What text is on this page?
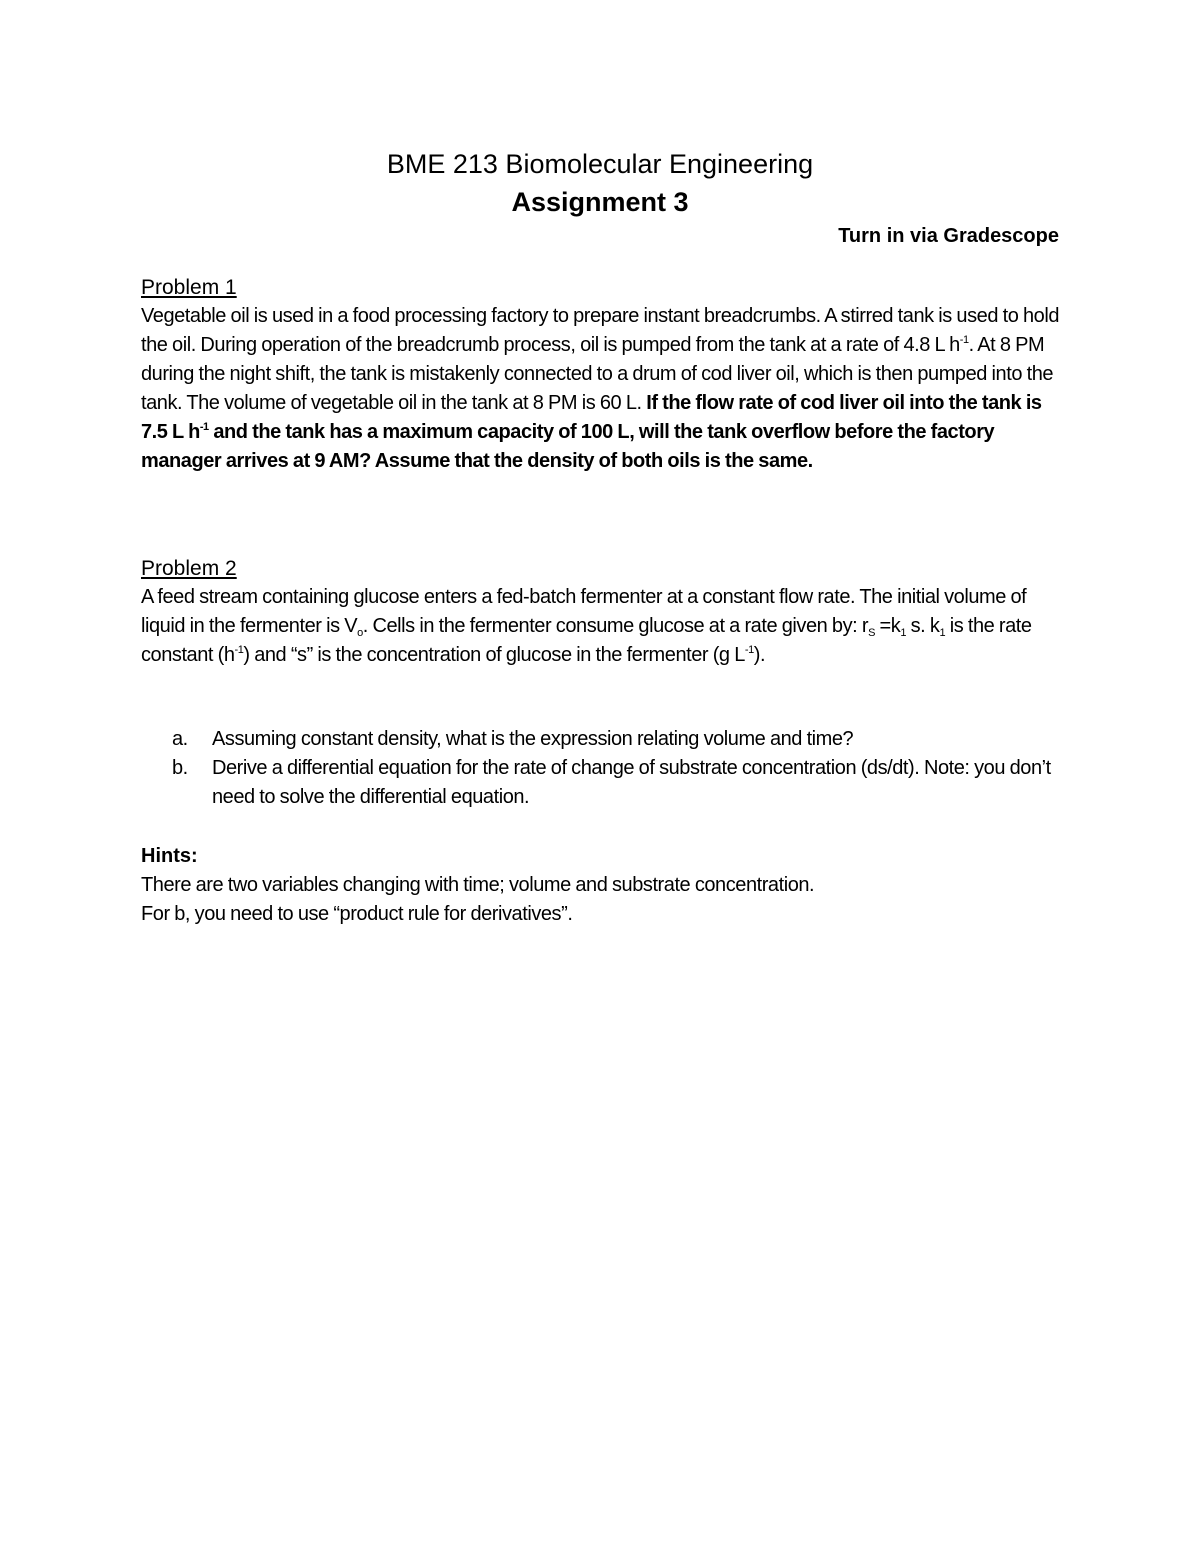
BME 213 Biomolecular Engineering

Assignment 3

Turn in via Gradescope

Problem 1

Vegetable oil is used in a food processing factory to prepare instant breadcrumbs. A stirred tank is used to hold the oil. During operation of the breadcrumb process, oil is pumped from the tank at a rate of 4.8 L $h^{-1}$. At 8 PM during the night shift, the tank is mistakenly connected to a drum of cod liver oil, which is then pumped into the tank. The volume of vegetable oil in the tank at 8 PM is 60 L. If the flow rate of cod liver oil into the tank is 7.5 L $h^{-1}$ and the tank has a maximum capacity of 100 L, will the tank overflow before the factory manager arrives at 9 AM? Assume that the density of both oils is the same.

Problem 2

A feed stream containing glucose enters a fed-batch fermenter at a constant flow rate. The initial volume of liquid in the fermenter is $V_o$. Cells in the fermenter consume glucose at a rate given by: $r_S =k_1$ s. $k_1$ is the rate constant $(h^{-1})$ and “s” is the concentration of glucose in the fermenter (g $L^{-1}$).

a. Assuming constant density, what is the expression relating volume and time?
b. Derive a differential equation for the rate of change of substrate concentration (ds/dt). Note: you don’t need to solve the differential equation.

Hints:

There are two variables changing with time; volume and substrate concentration.

For b, you need to use “product rule for derivatives”.
